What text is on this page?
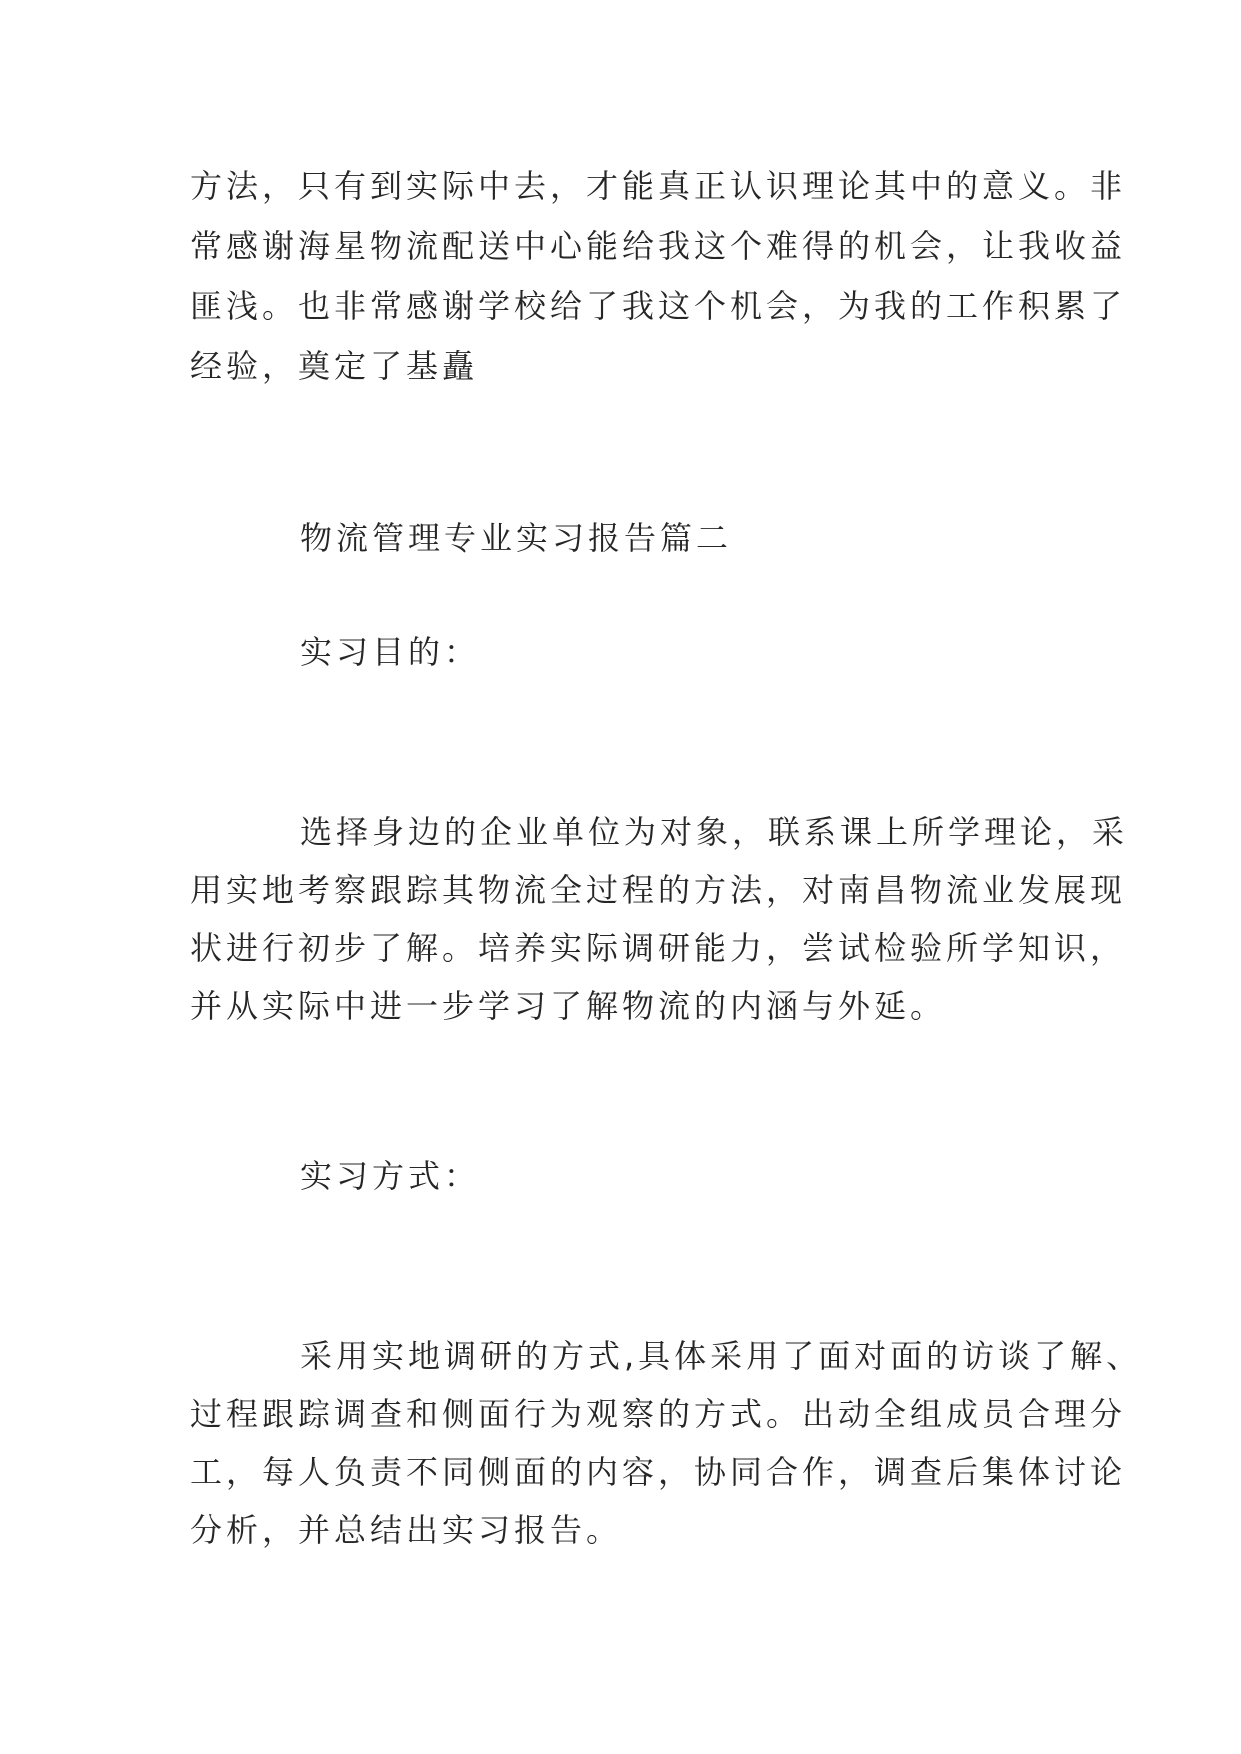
方法，只有到实际中去，才能真正认识理论其中的意义。非
常感谢海星物流配送中心能给我这个难得的机会，让我收益
匪浅。也非常感谢学校给了我这个机会，为我的工作积累了
经验，奠定了基矗
物流管理专业实习报告篇二
实习目的：
选择身边的企业单位为对象，联系课上所学理论，采
用实地考察跟踪其物流全过程的方法，对南昌物流业发展现
状进行初步了解。培养实际调研能力，尝试检验所学知识，
并从实际中进一步学习了解物流的内涵与外延。
实习方式：
采用实地调研的方式,具体采用了面对面的访谈了解、
过程跟踪调查和侧面行为观察的方式。出动全组成员合理分
工，每人负责不同侧面的内容，协同合作，调查后集体讨论
分析，并总结出实习报告。
